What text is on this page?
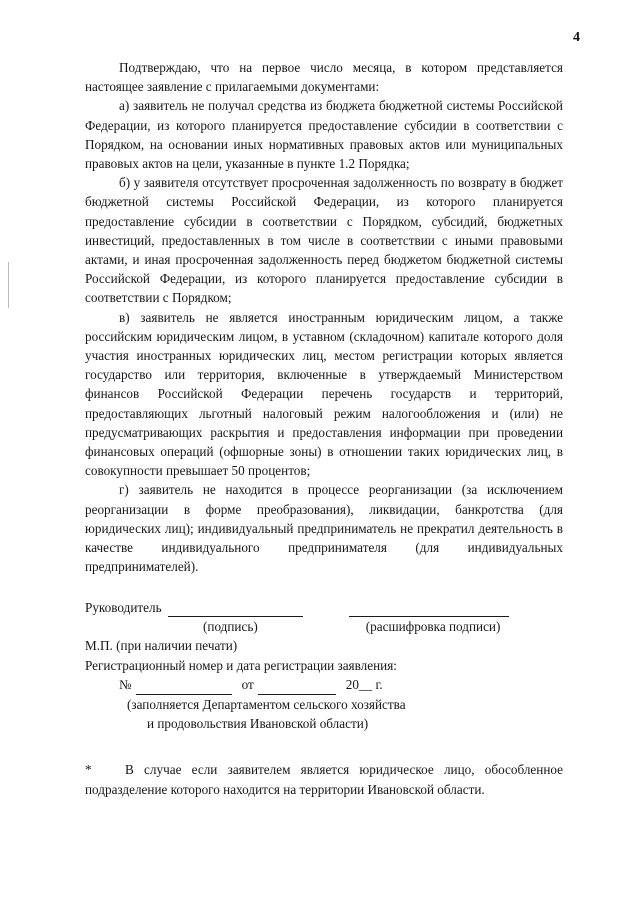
4

Подтверждаю, что на первое число месяца, в котором представляется настоящее заявление с прилагаемыми документами:

а) заявитель не получал средства из бюджета бюджетной системы Российской Федерации, из которого планируется предоставление субсидии в соответствии с Порядком, на основании иных нормативных правовых актов или муниципальных правовых актов на цели, указанные в пункте 1.2 Порядка;

б) у заявителя отсутствует просроченная задолженность по возврату в бюджет бюджетной системы Российской Федерации, из которого планируется предоставление субсидии в соответствии с Порядком, субсидий, бюджетных инвестиций, предоставленных в том числе в соответствии с иными правовыми актами, и иная просроченная задолженность перед бюджетом бюджетной системы Российской Федерации, из которого планируется предоставление субсидии в соответствии с Порядком;

в) заявитель не является иностранным юридическим лицом, а также российским юридическим лицом, в уставном (складочном) капитале которого доля участия иностранных юридических лиц, местом регистрации которых является государство или территория, включенные в утверждаемый Министерством финансов Российской Федерации перечень государств и территорий, предоставляющих льготный налоговый режим налогообложения и (или) не предусматривающих раскрытия и предоставления информации при проведении финансовых операций (офшорные зоны) в отношении таких юридических лиц, в совокупности превышает 50 процентов;

г) заявитель не находится в процессе реорганизации (за исключением реорганизации в форме преобразования), ликвидации, банкротства (для юридических лиц); индивидуальный предприниматель не прекратил деятельность в качестве индивидуального предпринимателя (для индивидуальных предпринимателей).

Руководитель
(подпись)	(расшифровка подписи)
М.П. (при наличии печати)
Регистрационный номер и дата регистрации заявления:
№	от	20__ г.
(заполняется Департаментом сельского хозяйства
и продовольствия Ивановской области)
*	В случае если заявителем является юридическое лицо, обособленное подразделение которого находится на территории Ивановской области.
